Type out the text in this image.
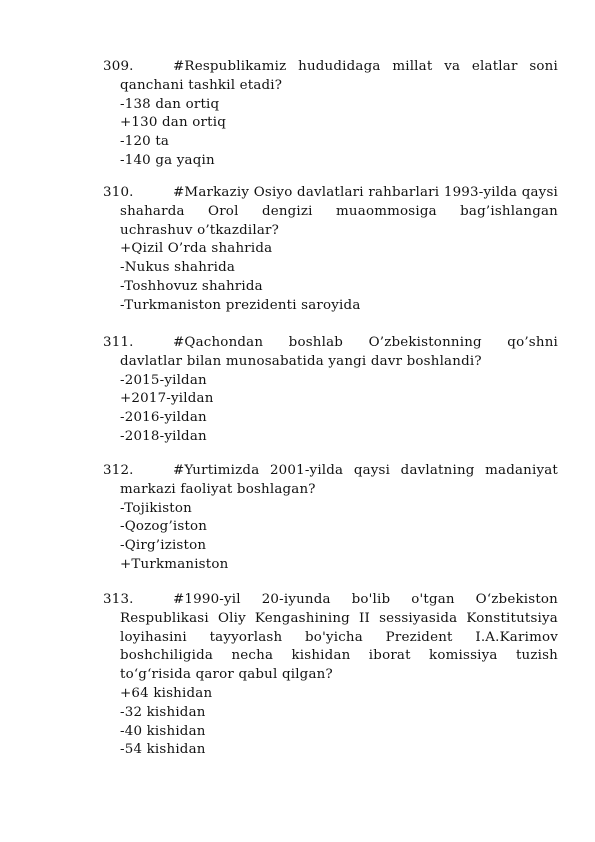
309.	#Respublikamiz hududidaga millat va elatlar soni qanchani tashkil etadi?

-138 dan ortiq
+130 dan ortiq
-120 ta
-140 ga yaqin
310.	#Markaziy Osiyo davlatlari rahbarlari 1993-yilda qaysi shaharda Orol dengizi muaommosiga bag’ishlangan uchrashuv o’tkazdilar?

+Qizil O’rda shahrida
-Nukus shahrida
-Toshhovuz shahrida
-Turkmaniston prezidenti saroyida
311.	#Qachondan boshlab O’zbekistonning qo’shni davlatlar bilan munosabatida yangi davr boshlandi?

-2015-yildan
+2017-yildan
-2016-yildan
-2018-yildan
312.	#Yurtimizda 2001-yilda qaysi davlatning madaniyat markazi faoliyat boshlagan?

-Tojikiston
-Qozog’iston
-Qirg’iziston
+Turkmaniston
313.	#1990-yil 20-iyunda bo'lib o'tgan O‘zbekiston Respublikasi Oliy Kengashining II sessiyasida Konstitutsiya loyihasini tayyorlash bo'yicha Prezident I.A.Karimov boshchiligida necha kishidan iborat komissiya tuzish to‘g‘risida qaror qabul qilgan?

+64 kishidan
-32 kishidan
-40 kishidan
-54 kishidan
